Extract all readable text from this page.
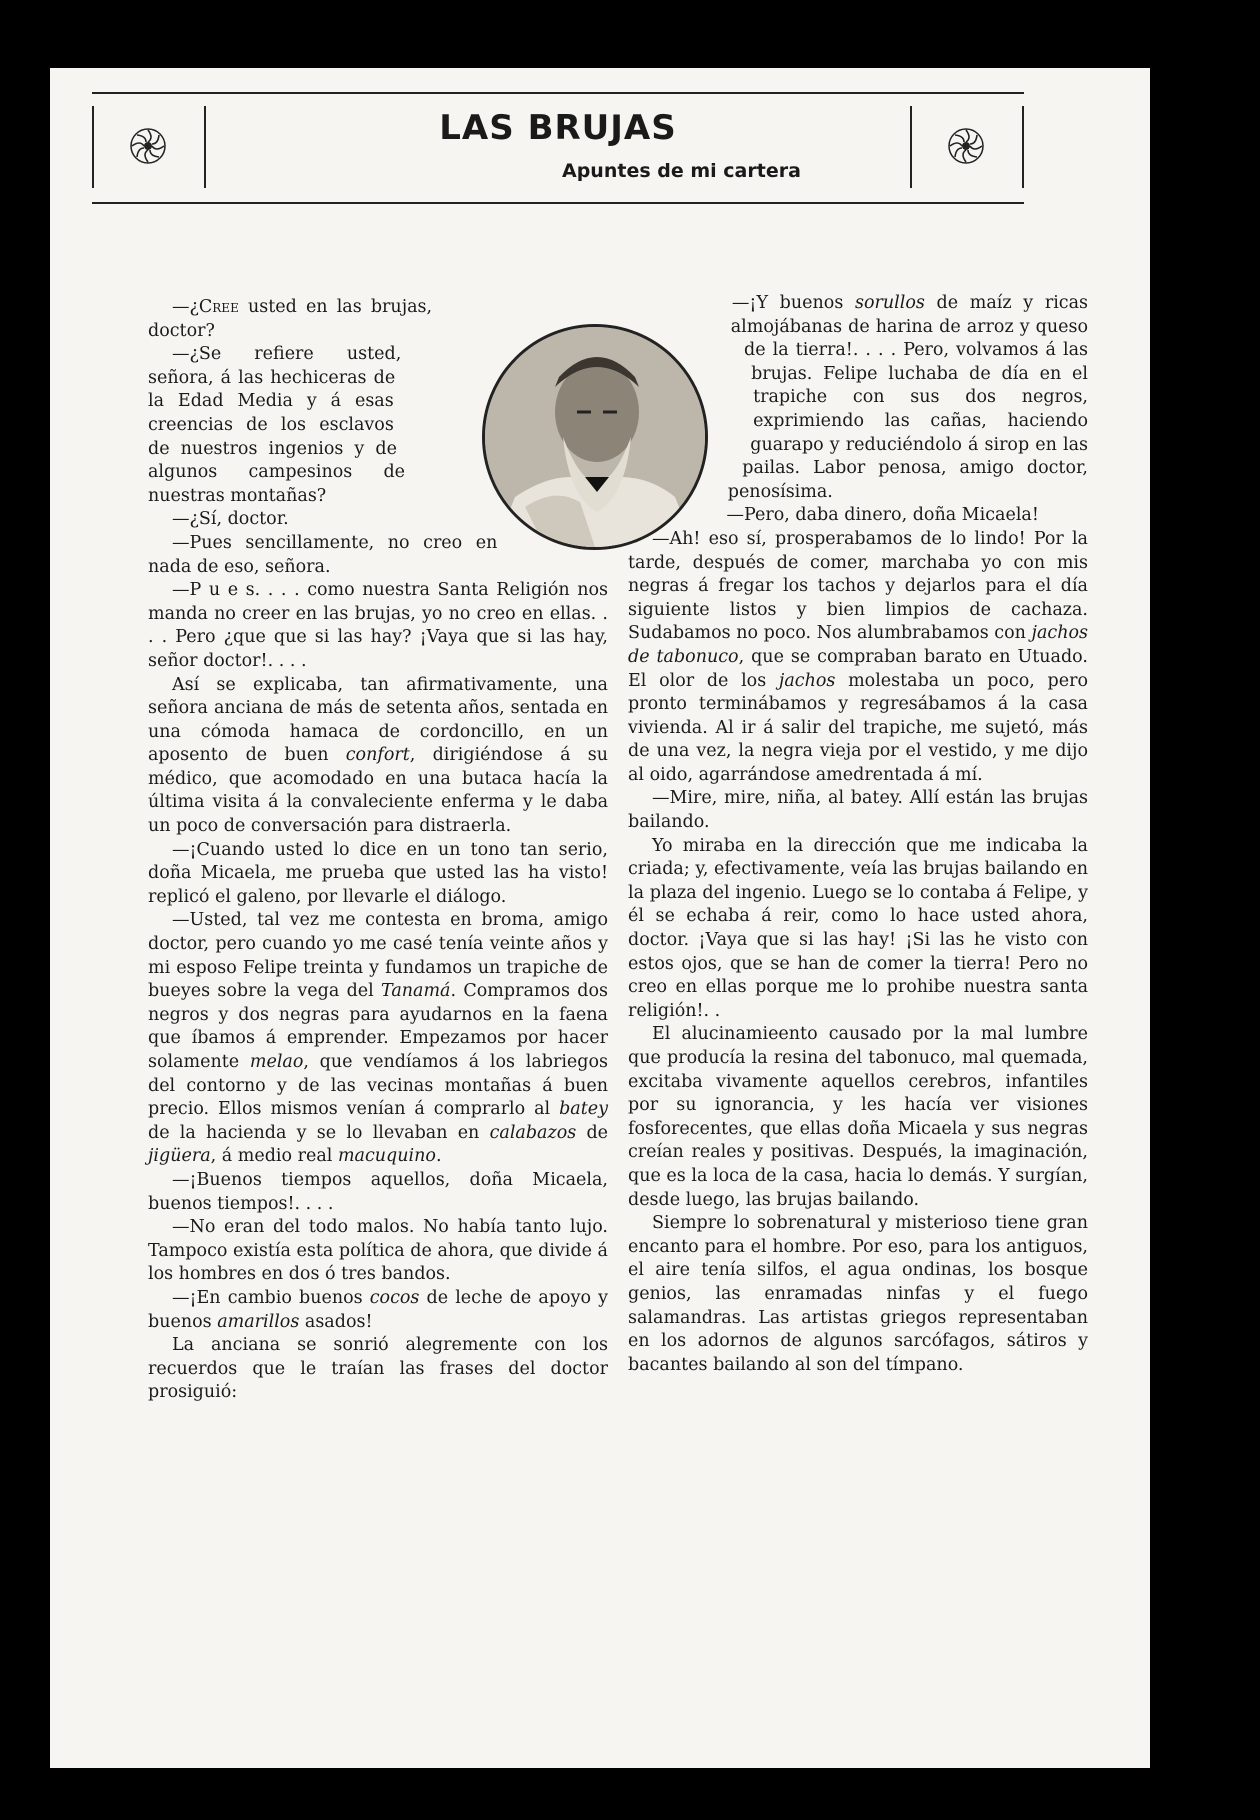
LAS BRUJAS
Apuntes de mi cartera

—¿Cree usted en las brujas, doctor?

—¿Se refiere usted, señora, á las hechiceras de la Edad Media y á esas creencias de los esclavos de nuestros ingenios y de algunos campesinos de nuestras montañas?

—¿Sí, doctor.

—Pues sencillamente, no creo en nada de eso, señora.

—P u e s. . . . como nuestra Santa Religión nos manda no creer en las brujas, yo no creo en ellas. . . . Pero ¿que que si las hay? ¡Vaya que si las hay, señor doctor!. . . .

Así se explicaba, tan afirmativamente, una señora anciana de más de setenta años, sentada en una cómoda hamaca de cordoncillo, en un aposento de buen confort, dirigiéndose á su médico, que acomodado en una butaca hacía la última visita á la convaleciente enferma y le daba un poco de conversación para distraerla.

—¡Cuando usted lo dice en un tono tan serio, doña Micaela, me prueba que usted las ha visto! replicó el galeno, por llevarle el diálogo.

—Usted, tal vez me contesta en broma, amigo doctor, pero cuando yo me casé tenía veinte años y mi esposo Felipe treinta y fundamos un trapiche de bueyes sobre la vega del Tanamá. Compramos dos negros y dos negras para ayudarnos en la faena que íbamos á emprender. Empezamos por hacer solamente melao, que vendíamos á los labriegos del contorno y de las vecinas montañas á buen precio. Ellos mismos venían á comprarlo al batey de la hacienda y se lo llevaban en calabazos de jigüera, á medio real macuquino.

—¡Buenos tiempos aquellos, doña Micaela, buenos tiempos!. . . .

—No eran del todo malos. No había tanto lujo. Tampoco existía esta política de ahora, que divide á los hombres en dos ó tres bandos.

—¡En cambio buenos cocos de leche de apoyo y buenos amarillos asados!

La anciana se sonrió alegremente con los recuerdos que le traían las frases del doctor prosiguió:

—¡Y buenos sorullos de maíz y ricas almojábanas de harina de arroz y queso de la tierra!. . . . Pero, volvamos á las brujas. Felipe luchaba de día en el trapiche con sus dos negros, exprimiendo las cañas, haciendo guarapo y reduciéndolo á sirop en las pailas. Labor penosa, amigo doctor, penosísima.

—Pero, daba dinero, doña Micaela!

—Ah! eso sí, prosperabamos de lo lindo! Por la tarde, después de comer, marchaba yo con mis negras á fregar los tachos y dejarlos para el día siguiente listos y bien limpios de cachaza. Sudabamos no poco. Nos alumbrabamos con jachos de tabonuco, que se compraban barato en Utuado. El olor de los jachos molestaba un poco, pero pronto terminábamos y regresábamos á la casa vivienda. Al ir á salir del trapiche, me sujetó, más de una vez, la negra vieja por el vestido, y me dijo al oido, agarrándose amedrentada á mí.

—Mire, mire, niña, al batey. Allí están las brujas bailando.

Yo miraba en la dirección que me indicaba la criada; y, efectivamente, veía las brujas bailando en la plaza del ingenio. Luego se lo contaba á Felipe, y él se echaba á reir, como lo hace usted ahora, doctor. ¡Vaya que si las hay! ¡Si las he visto con estos ojos, que se han de comer la tierra! Pero no creo en ellas porque me lo prohibe nuestra santa religión!. .

El alucinamieento causado por la mal lumbre que producía la resina del tabonuco, mal quemada, excitaba vivamente aquellos cerebros, infantiles por su ignorancia, y les hacía ver visiones fosforecentes, que ellas doña Micaela y sus negras creían reales y positivas. Después, la imaginación, que es la loca de la casa, hacia lo demás. Y surgían, desde luego, las brujas bailando.

Siempre lo sobrenatural y misterioso tiene gran encanto para el hombre. Por eso, para los antiguos, el aire tenía silfos, el agua ondinas, los bosque genios, las enramadas ninfas y el fuego salamandras. Las artistas griegos representaban en los adornos de algunos sarcófagos, sátiros y bacantes bailando al son del tímpano.
